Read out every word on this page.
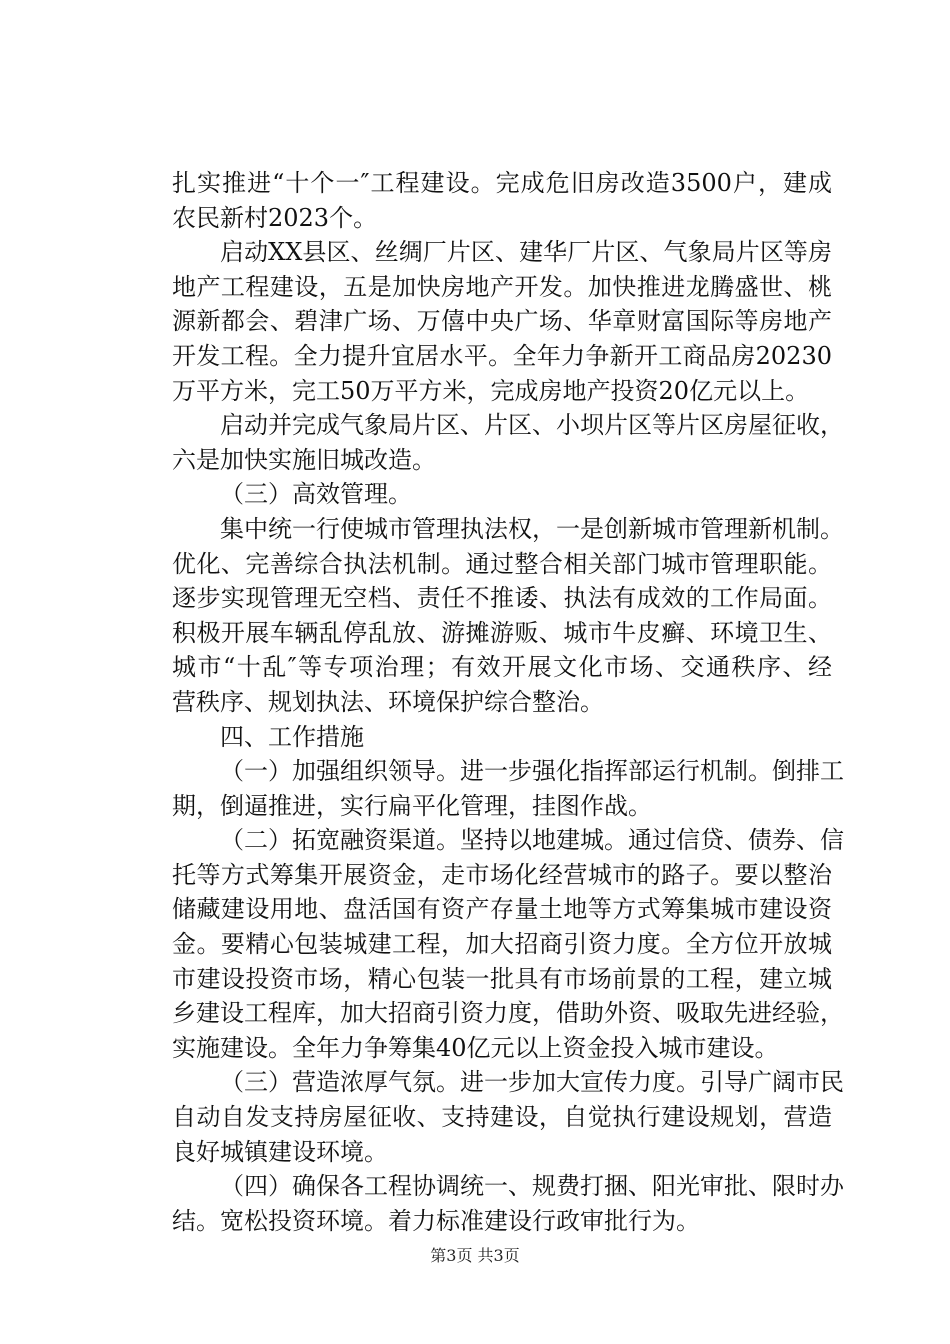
扎实推进“十个一″工程建设。完成危旧房改造3500户，建成
农民新村2023个。
启动XX县区、丝绸厂片区、建华厂片区、气象局片区等房
地产工程建设，五是加快房地产开发。加快推进龙腾盛世、桃
源新都会、碧津广场、万僖中央广场、华章财富国际等房地产
开发工程。全力提升宜居水平。全年力争新开工商品房20230
万平方米，完工50万平方米，完成房地产投资20亿元以上。
启动并完成气象局片区、片区、小坝片区等片区房屋征收，
六是加快实施旧城改造。
（三）高效管理。
集中统一行使城市管理执法权，一是创新城市管理新机制。
优化、完善综合执法机制。通过整合相关部门城市管理职能。
逐步实现管理无空档、责任不推诿、执法有成效的工作局面。
积极开展车辆乱停乱放、游摊游贩、城市牛皮癣、环境卫生、
城市“十乱″等专项治理；有效开展文化市场、交通秩序、经
营秩序、规划执法、环境保护综合整治。
四、工作措施
（一）加强组织领导。进一步强化指挥部运行机制。倒排工
期，倒逼推进，实行扁平化管理，挂图作战。
（二）拓宽融资渠道。坚持以地建城。通过信贷、债券、信
托等方式筹集开展资金，走市场化经营城市的路子。要以整治
储藏建设用地、盘活国有资产存量土地等方式筹集城市建设资
金。要精心包装城建工程，加大招商引资力度。全方位开放城
市建设投资市场，精心包装一批具有市场前景的工程，建立城
乡建设工程库，加大招商引资力度，借助外资、吸取先进经验，
实施建设。全年力争筹集40亿元以上资金投入城市建设。
（三）营造浓厚气氛。进一步加大宣传力度。引导广阔市民
自动自发支持房屋征收、支持建设，自觉执行建设规划，营造
良好城镇建设环境。
（四）确保各工程协调统一、规费打捆、阳光审批、限时办
结。宽松投资环境。着力标准建设行政审批行为。
第3页 共3页
